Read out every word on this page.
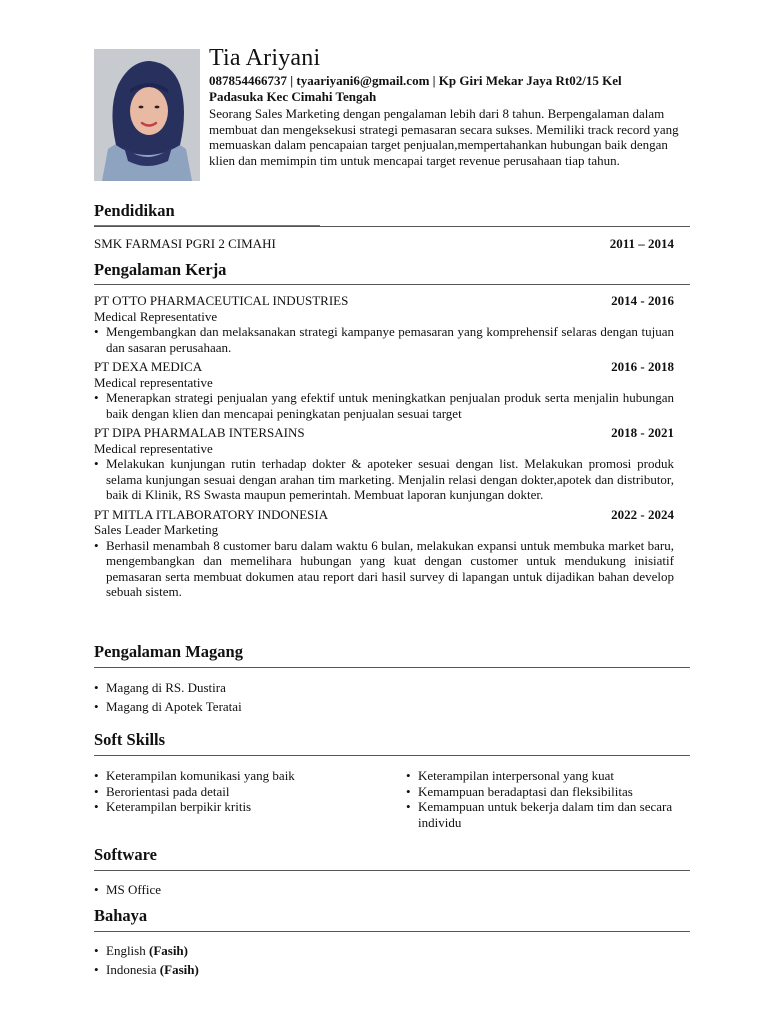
Tia Ariyani
087854466737 | tyaariyani6@gmail.com | Kp Giri Mekar Jaya Rt02/15 Kel
Padasuka Kec Cimahi Tengah
Seorang Sales Marketing dengan pengalaman lebih dari 8 tahun. Berpengalaman dalam membuat dan mengeksekusi strategi pemasaran secara sukses. Memiliki track record yang memuaskan dalam pencapaian target penjualan,mempertahankan hubungan baik dengan klien dan memimpin tim untuk mencapai target revenue perusahaan tiap tahun.
Pendidikan
SMK FARMASI PGRI 2 CIMAHI	2011 – 2014
Pengalaman Kerja
PT OTTO PHARMACEUTICAL INDUSTRIES	2014 - 2016
Medical Representative
• Mengembangkan dan melaksanakan strategi kampanye pemasaran yang komprehensif selaras dengan tujuan dan sasaran perusahaan.
PT DEXA MEDICA	2016 - 2018
Medical representative
• Menerapkan strategi penjualan yang efektif untuk meningkatkan penjualan produk serta menjalin hubungan baik dengan klien dan mencapai peningkatan penjualan sesuai target
PT DIPA PHARMALAB INTERSAINS	2018 - 2021
Medical representative
• Melakukan kunjungan rutin terhadap dokter & apoteker sesuai dengan list. Melakukan promosi produk selama kunjungan sesuai dengan arahan tim marketing. Menjalin relasi dengan dokter,apotek dan distributor, baik di Klinik, RS Swasta maupun pemerintah. Membuat laporan kunjungan dokter.
PT MITLA ITLABORATORY INDONESIA	2022 - 2024
Sales Leader Marketing
• Berhasil menambah 8 customer baru dalam waktu 6 bulan, melakukan expansi untuk membuka market baru, mengembangkan dan memelihara hubungan yang kuat dengan customer untuk mendukung inisiatif pemasaran serta membuat dokumen atau report dari hasil survey di lapangan untuk dijadikan bahan develop sebuah sistem.
Pengalaman Magang
• Magang di RS. Dustira
• Magang di Apotek Teratai
Soft Skills
• Keterampilan komunikasi yang baik
• Berorientasi pada detail
• Keterampilan berpikir kritis
• Keterampilan interpersonal yang kuat
• Kemampuan beradaptasi dan fleksibilitas
• Kemampuan untuk bekerja dalam tim dan secara individu
Software
• MS Office
Bahaya
• English (Fasih)
• Indonesia (Fasih)
